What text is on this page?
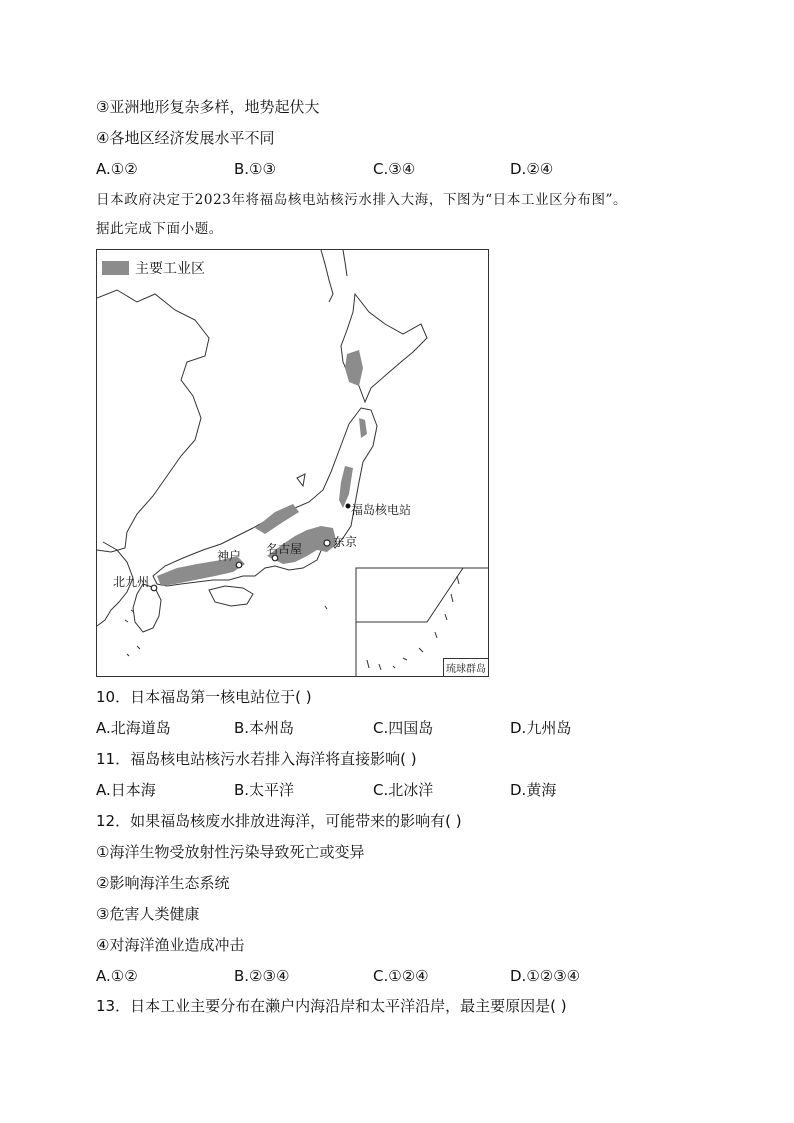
③亚洲地形复杂多样，地势起伏大
④各地区经济发展水平不同
A.①②	B.①③	C.③④	D.②④
日本政府决定于2023年将福岛核电站核污水排入大海，下图为“日本工业区分布图”。
据此完成下面小题。
主要工业区
福岛核电站
东京
名古屋
神户
北九州
琉球群岛
10．日本福岛第一核电站位于( )
A.北海道岛	B.本州岛	C.四国岛	D.九州岛
11．福岛核电站核污水若排入海洋将直接影响( )
A.日本海	B.太平洋	C.北冰洋	D.黄海
12．如果福岛核废水排放进海洋，可能带来的影响有( )
①海洋生物受放射性污染导致死亡或变异
②影响海洋生态系统
③危害人类健康
④对海洋渔业造成冲击
A.①②	B.②③④	C.①②④	D.①②③④
13．日本工业主要分布在濑户内海沿岸和太平洋沿岸，最主要原因是( )
